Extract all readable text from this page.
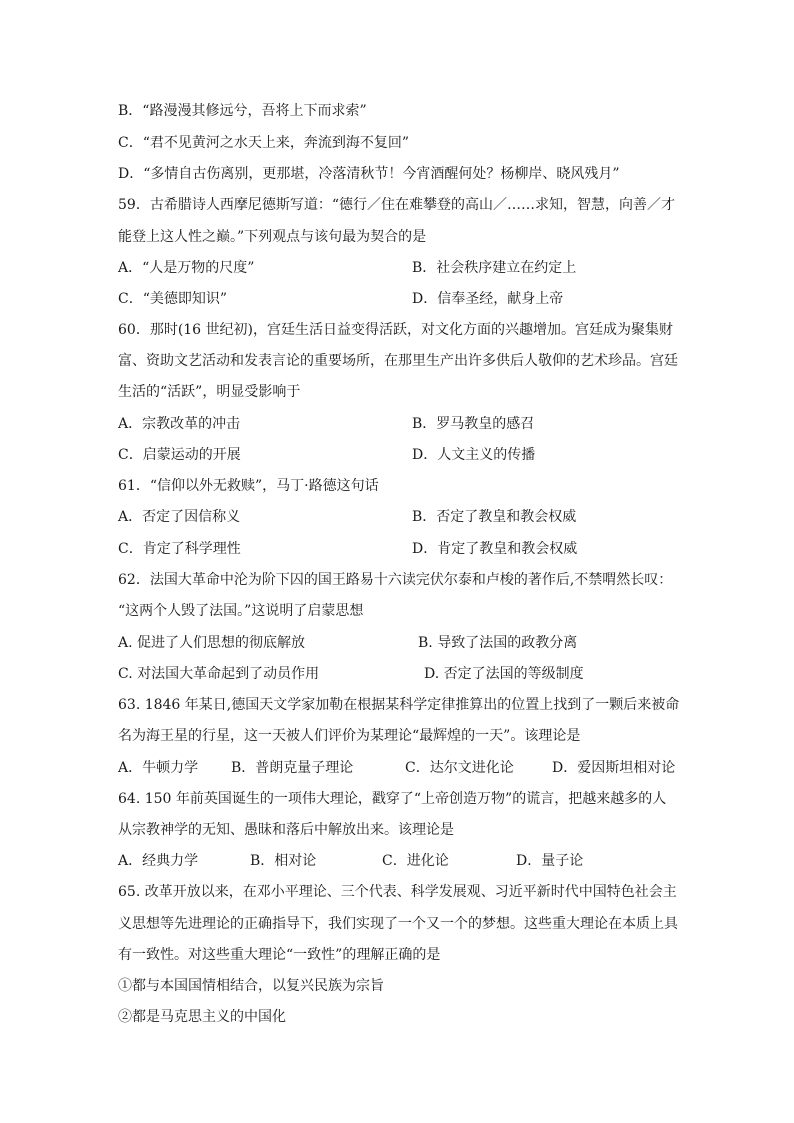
B．“路漫漫其修远兮，吾将上下而求索”
C．“君不见黄河之水天上来，奔流到海不复回”
D．“多情自古伤离别，更那堪，冷落清秋节！今宵酒醒何处？杨柳岸、晓风残月”
59．古希腊诗人西摩尼德斯写道：“德行／住在难攀登的高山／……求知，智慧，向善／才
能登上这人性之巅。”下列观点与该句最为契合的是
A．“人是万物的尺度”	B．社会秩序建立在约定上
C．“美德即知识”	D．信奉圣经，献身上帝
60．那时(16 世纪初)，宫廷生活日益变得活跃，对文化方面的兴趣增加。宫廷成为聚集财
富、资助文艺活动和发表言论的重要场所，在那里生产出许多供后人敬仰的艺术珍品。宫廷
生活的“活跃”，明显受影响于
A．宗教改革的冲击	B．罗马教皇的感召
C．启蒙运动的开展	D．人文主义的传播
61．“信仰以外无救赎”，马丁·路德这句话
A．否定了因信称义	B．否定了教皇和教会权威
C．肯定了科学理性	D．肯定了教皇和教会权威
62．法国大革命中沦为阶下囚的国王路易十六读完伏尔泰和卢梭的著作后,不禁喟然长叹：
“这两个人毁了法国。”这说明了启蒙思想
A. 促进了人们思想的彻底解放	B. 导致了法国的政教分离
C. 对法国大革命起到了动员作用	D. 否定了法国的等级制度
63. 1846 年某日,德国天文学家加勒在根据某科学定律推算出的位置上找到了一颗后来被命
名为海王星的行星，这一天被人们评价为某理论“最辉煌的一天”。该理论是
A．牛顿力学 B．普朗克量子理论	C．达尔文进化论	D．爱因斯坦相对论
64. 150 年前英国诞生的一项伟大理论，戳穿了“上帝创造万物”的谎言，把越来越多的人
从宗教神学的无知、愚昧和落后中解放出来。该理论是
A．经典力学	B．相对论	C．进化论	D．量子论
65. 改革开放以来，在邓小平理论、三个代表、科学发展观、习近平新时代中国特色社会主
义思想等先进理论的正确指导下，我们实现了一个又一个的梦想。这些重大理论在本质上具
有一致性。对这些重大理论“一致性”的理解正确的是
①都与本国国情相结合，以复兴民族为宗旨
②都是马克思主义的中国化
